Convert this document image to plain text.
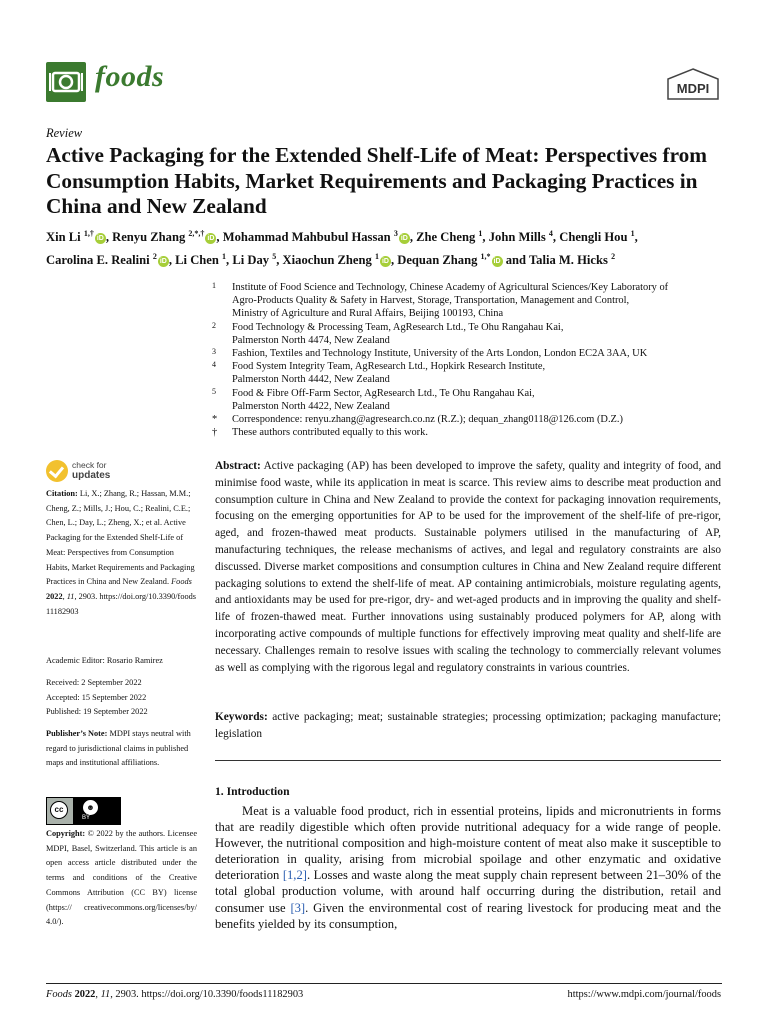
foods	MDPI
Review
Active Packaging for the Extended Shelf-Life of Meat: Perspectives from Consumption Habits, Market Requirements and Packaging Practices in China and New Zealand
Xin Li $^{1,\dagger}$iD , Renyu Zhang $^{2,*,\dagger}$iD , Mohammad Mahbubul Hassan $^3$iD , Zhe Cheng $^1$, John Mills $^4$, Chengli Hou $^1$,
Carolina E. Realini $^2$iD , Li Chen $^1$, Li Day $^5$, Xiaochun Zheng $^1$iD , Dequan Zhang $^{1,*}$iD and Talia M. Hicks $^2$
1 Institute of Food Science and Technology, Chinese Academy of Agricultural Sciences/Key Laboratory of
Agro-Products Quality & Safety in Harvest, Storage, Transportation, Management and Control,
Ministry of Agriculture and Rural Affairs, Beijing 100193, China
2 Food Technology & Processing Team, AgResearch Ltd., Te Ohu Rangahau Kai,
Palmerston North 4474, New Zealand
3 Fashion, Textiles and Technology Institute, University of the Arts London, London EC2A 3AA, UK
4 Food System Integrity Team, AgResearch Ltd., Hopkirk Research Institute,
Palmerston North 4442, New Zealand
5 Food & Fibre Off-Farm Sector, AgResearch Ltd., Te Ohu Rangahau Kai,
Palmerston North 4422, New Zealand
* Correspondence: renyu.zhang@agresearch.co.nz (R.Z.); dequan_zhang0118@126.com (D.Z.)
† These authors contributed equally to this work.
check for
updates
Citation: Li, X.; Zhang, R.; Hassan, M.M.; Cheng, Z.; Mills, J.; Hou, C.; Realini, C.E.; Chen, L.; Day, L.; Zheng, X.; et al. Active Packaging for the Extended Shelf-Life of Meat: Perspectives from Consumption Habits, Market Requirements and Packaging Practices in China and New Zealand. Foods 2022, 11, 2903. https://doi.org/10.3390/foods11182903
Academic Editor: Rosario Ramirez
Received: 2 September 2022
Accepted: 15 September 2022
Published: 19 September 2022
Publisher’s Note: MDPI stays neutral with regard to jurisdictional claims in published maps and institutional affiliations.
cc	☻
BY
Copyright: © 2022 by the authors. Licensee MDPI, Basel, Switzerland. This article is an open access article distributed under the terms and conditions of the Creative Commons Attribution (CC BY) license (https:// creativecommons.org/licenses/by/ 4.0/).
Abstract: Active packaging (AP) has been developed to improve the safety, quality and integrity of food, and minimise food waste, while its application in meat is scarce. This review aims to describe meat production and consumption culture in China and New Zealand to provide the context for packaging innovation requirements, focusing on the emerging opportunities for AP to be used for the improvement of the shelf-life of pre-rigor, aged, and frozen-thawed meat products. Sustainable polymers utilised in the manufacturing of AP, manufacturing techniques, the release mechanisms of actives, and legal and regulatory constraints are also discussed. Diverse market compositions and consumption cultures in China and New Zealand require different packaging solutions to extend the shelf-life of meat. AP containing antimicrobials, moisture regulating agents, and antioxidants may be used for pre-rigor, dry- and wet-aged products and in improving the quality and shelf-life of frozen-thawed meat. Further innovations using sustainably produced polymers for AP, along with incorporating active compounds of multiple functions for effectively improving meat quality and shelf-life are necessary. Challenges remain to resolve issues with scaling the technology to commercially relevant volumes as well as complying with the rigorous legal and regulatory constraints in various countries.
Keywords: active packaging; meat; sustainable strategies; processing optimization; packaging manufacture; legislation
1. Introduction
Meat is a valuable food product, rich in essential proteins, lipids and micronutrients in forms that are readily digestible which often provide nutritional adequacy for a wide range of people. However, the nutritional composition and high-moisture content of meat also make it susceptible to deterioration in quality, arising from microbial spoilage and other enzymatic and oxidative deterioration [1,2]. Losses and waste along the meat supply chain represent between 21–30% of the total global production volume, with around half occurring during the distribution, retail and consumer use [3]. Given the environmental cost of rearing livestock for producing meat and the benefits yielded by its consumption,
Foods 2022, 11, 2903. https://doi.org/10.3390/foods11182903	https://www.mdpi.com/journal/foods
